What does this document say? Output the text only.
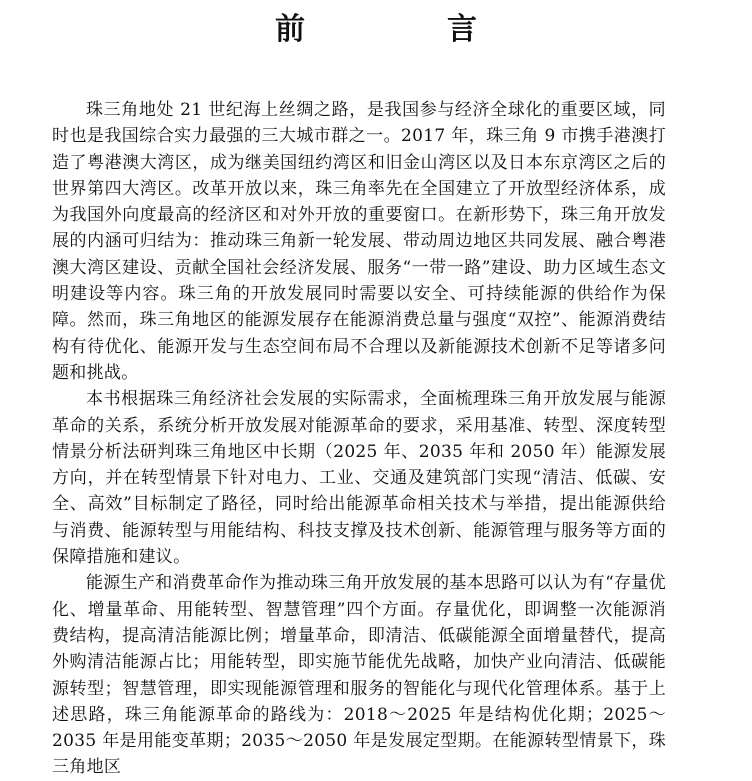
前　言

珠三角地处 21 世纪海上丝绸之路，是我国参与经济全球化的重要区域，同时也是我国综合实力最强的三大城市群之一。2017 年，珠三角 9 市携手港澳打造了粤港澳大湾区，成为继美国纽约湾区和旧金山湾区以及日本东京湾区之后的世界第四大湾区。改革开放以来，珠三角率先在全国建立了开放型经济体系，成为我国外向度最高的经济区和对外开放的重要窗口。在新形势下，珠三角开放发展的内涵可归结为：推动珠三角新一轮发展、带动周边地区共同发展、融合粤港澳大湾区建设、贡献全国社会经济发展、服务“一带一路”建设、助力区域生态文明建设等内容。珠三角的开放发展同时需要以安全、可持续能源的供给作为保障。然而，珠三角地区的能源发展存在能源消费总量与强度“双控”、能源消费结构有待优化、能源开发与生态空间布局不合理以及新能源技术创新不足等诸多问题和挑战。

本书根据珠三角经济社会发展的实际需求，全面梳理珠三角开放发展与能源革命的关系，系统分析开放发展对能源革命的要求，采用基准、转型、深度转型情景分析法研判珠三角地区中长期（2025 年、2035 年和 2050 年）能源发展方向，并在转型情景下针对电力、工业、交通及建筑部门实现“清洁、低碳、安全、高效”目标制定了路径，同时给出能源革命相关技术与举措，提出能源供给与消费、能源转型与用能结构、科技支撑及技术创新、能源管理与服务等方面的保障措施和建议。

能源生产和消费革命作为推动珠三角开放发展的基本思路可以认为有“存量优化、增量革命、用能转型、智慧管理”四个方面。存量优化，即调整一次能源消费结构，提高清洁能源比例；增量革命，即清洁、低碳能源全面增量替代，提高外购清洁能源占比；用能转型，即实施节能优先战略，加快产业向清洁、低碳能源转型；智慧管理，即实现能源管理和服务的智能化与现代化管理体系。基于上述思路，珠三角能源革命的路线为：2018～2025 年是结构优化期；2025～2035 年是用能变革期；2035～2050 年是发展定型期。在能源转型情景下，珠三角地区
